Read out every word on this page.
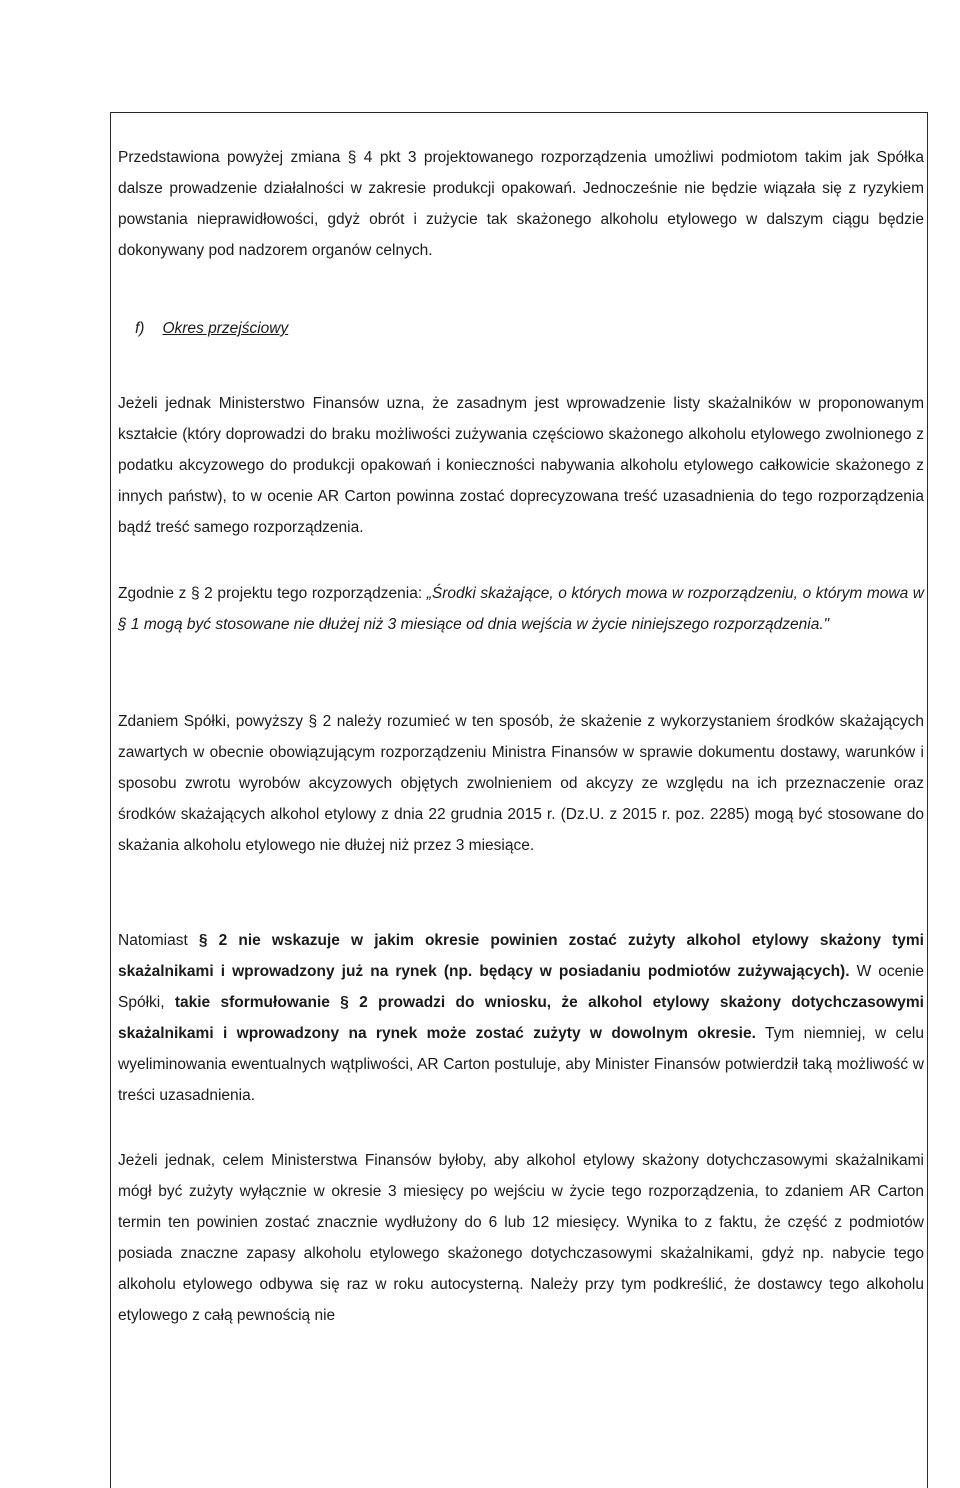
Przedstawiona powyżej zmiana § 4 pkt 3 projektowanego rozporządzenia umożliwi podmiotom takim jak Spółka dalsze prowadzenie działalności w zakresie produkcji opakowań. Jednocześnie nie będzie wiązała się z ryzykiem powstania nieprawidłowości, gdyż obrót i zużycie tak skażonego alkoholu etylowego w dalszym ciągu będzie dokonywany pod nadzorem organów celnych.

f) Okres przejściowy

Jeżeli jednak Ministerstwo Finansów uzna, że zasadnym jest wprowadzenie listy skażalników w proponowanym kształcie (który doprowadzi do braku możliwości zużywania częściowo skażonego alkoholu etylowego zwolnionego z podatku akcyzowego do produkcji opakowań i konieczności nabywania alkoholu etylowego całkowicie skażonego z innych państw), to w ocenie AR Carton powinna zostać doprecyzowana treść uzasadnienia do tego rozporządzenia bądź treść samego rozporządzenia.

Zgodnie z § 2 projektu tego rozporządzenia: „Środki skażające, o których mowa w rozporządzeniu, o którym mowa w § 1 mogą być stosowane nie dłużej niż 3 miesiące od dnia wejścia w życie niniejszego rozporządzenia."

Zdaniem Spółki, powyższy § 2 należy rozumieć w ten sposób, że skażenie z wykorzystaniem środków skażających zawartych w obecnie obowiązującym rozporządzeniu Ministra Finansów w sprawie dokumentu dostawy, warunków i sposobu zwrotu wyrobów akcyzowych objętych zwolnieniem od akcyzy ze względu na ich przeznaczenie oraz środków skażających alkohol etylowy z dnia 22 grudnia 2015 r. (Dz.U. z 2015 r. poz. 2285) mogą być stosowane do skażania alkoholu etylowego nie dłużej niż przez 3 miesiące.

Natomiast § 2 nie wskazuje w jakim okresie powinien zostać zużyty alkohol etylowy skażony tymi skażalnikami i wprowadzony już na rynek (np. będący w posiadaniu podmiotów zużywających). W ocenie Spółki, takie sformułowanie § 2 prowadzi do wniosku, że alkohol etylowy skażony dotychczasowymi skażalnikami i wprowadzony na rynek może zostać zużyty w dowolnym okresie. Tym niemniej, w celu wyeliminowania ewentualnych wątpliwości, AR Carton postuluje, aby Minister Finansów potwierdził taką możliwość w treści uzasadnienia.

Jeżeli jednak, celem Ministerstwa Finansów byłoby, aby alkohol etylowy skażony dotychczasowymi skażalnikami mógł być zużyty wyłącznie w okresie 3 miesięcy po wejściu w życie tego rozporządzenia, to zdaniem AR Carton termin ten powinien zostać znacznie wydłużony do 6 lub 12 miesięcy. Wynika to z faktu, że część z podmiotów posiada znaczne zapasy alkoholu etylowego skażonego dotychczasowymi skażalnikami, gdyż np. nabycie tego alkoholu etylowego odbywa się raz w roku autocysterną. Należy przy tym podkreślić, że dostawcy tego alkoholu etylowego z całą pewnością nie
